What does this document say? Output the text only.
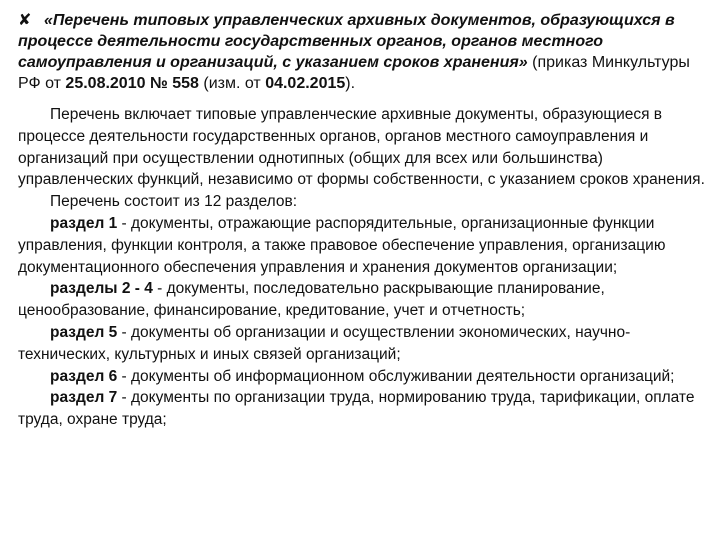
✘ «Перечень типовых управленческих архивных документов, образующихся в процессе деятельности государственных органов, органов местного самоуправления и организаций, с указанием сроков хранения» (приказ Минкультуры РФ от 25.08.2010 № 558 (изм. от 04.02.2015).

Перечень включает типовые управленческие архивные документы, образующиеся в процессе деятельности государственных органов, органов местного самоуправления и организаций при осуществлении однотипных (общих для всех или большинства) управленческих функций, независимо от формы собственности, с указанием сроков хранения.

Перечень состоит из 12 разделов:

раздел 1 - документы, отражающие распорядительные, организационные функции управления, функции контроля, а также правовое обеспечение управления, организацию документационного обеспечения управления и хранения документов организации;

разделы 2 - 4 - документы, последовательно раскрывающие планирование, ценообразование, финансирование, кредитование, учет и отчетность;

раздел 5 - документы об организации и осуществлении экономических, научно-технических, культурных и иных связей организаций;

раздел 6 - документы об информационном обслуживании деятельности организаций;

раздел 7 - документы по организации труда, нормированию труда, тарификации, оплате труда, охране труда;
